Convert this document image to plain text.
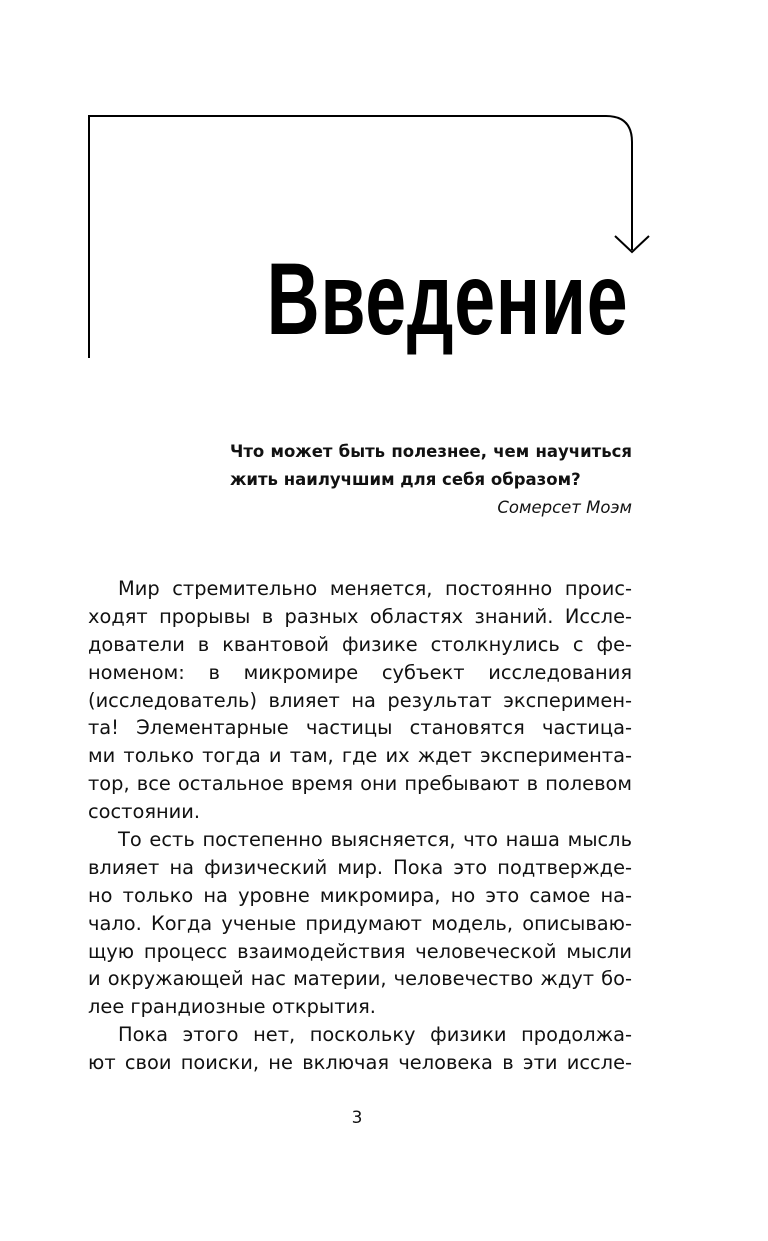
Введение

Что может быть полезнее, чем научиться жить наилучшим для себя образом?

Сомерсет Моэм

Мир стремительно меняется, постоянно проис-
ходят прорывы в разных областях знаний. Иссле-
дователи в квантовой физике столкнулись с фе-
номеном: в микромире субъект исследования
(исследователь) влияет на результат эксперимен-
та! Элементарные частицы становятся частица-
ми только тогда и там, где их ждет эксперимента-
тор, все остальное время они пребывают в полевом
состоянии.
То есть постепенно выясняется, что наша мысль
влияет на физический мир. Пока это подтвержде-
но только на уровне микромира, но это самое на-
чало. Когда ученые придумают модель, описываю-
щую процесс взаимодействия человеческой мысли
и окружающей нас материи, человечество ждут бо-
лее грандиозные открытия.
Пока этого нет, поскольку физики продолжа-
ют свои поиски, не включая человека в эти иссле-
3
